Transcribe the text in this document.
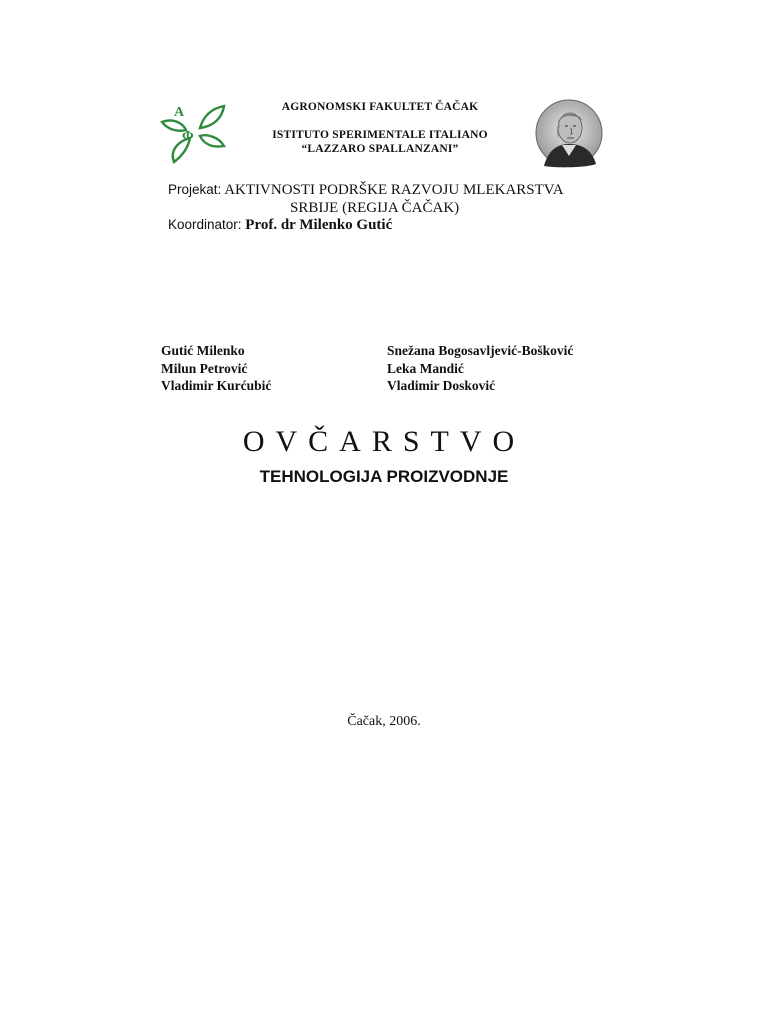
A
Φ
AGRONOMSKI FAKULTET ČAČAK
ISTITUTO SPERIMENTALE ITALIANO
“LAZZARO SPALLANZANI”
Projekat: AKTIVNOSTI PODRŠKE RAZVOJU MLEKARSTVA
SRBIJE (REGIJA ČAČAK)
Koordinator: Prof. dr Milenko Gutić
Gutić Milenko
Milun Petrović
Vladimir Kurćubić
Snežana Bogosavljević-Bošković
Leka Mandić
Vladimir Dosković
OVČARSTVO
TEHNOLOGIJA PROIZVODNJE
Čačak, 2006.
